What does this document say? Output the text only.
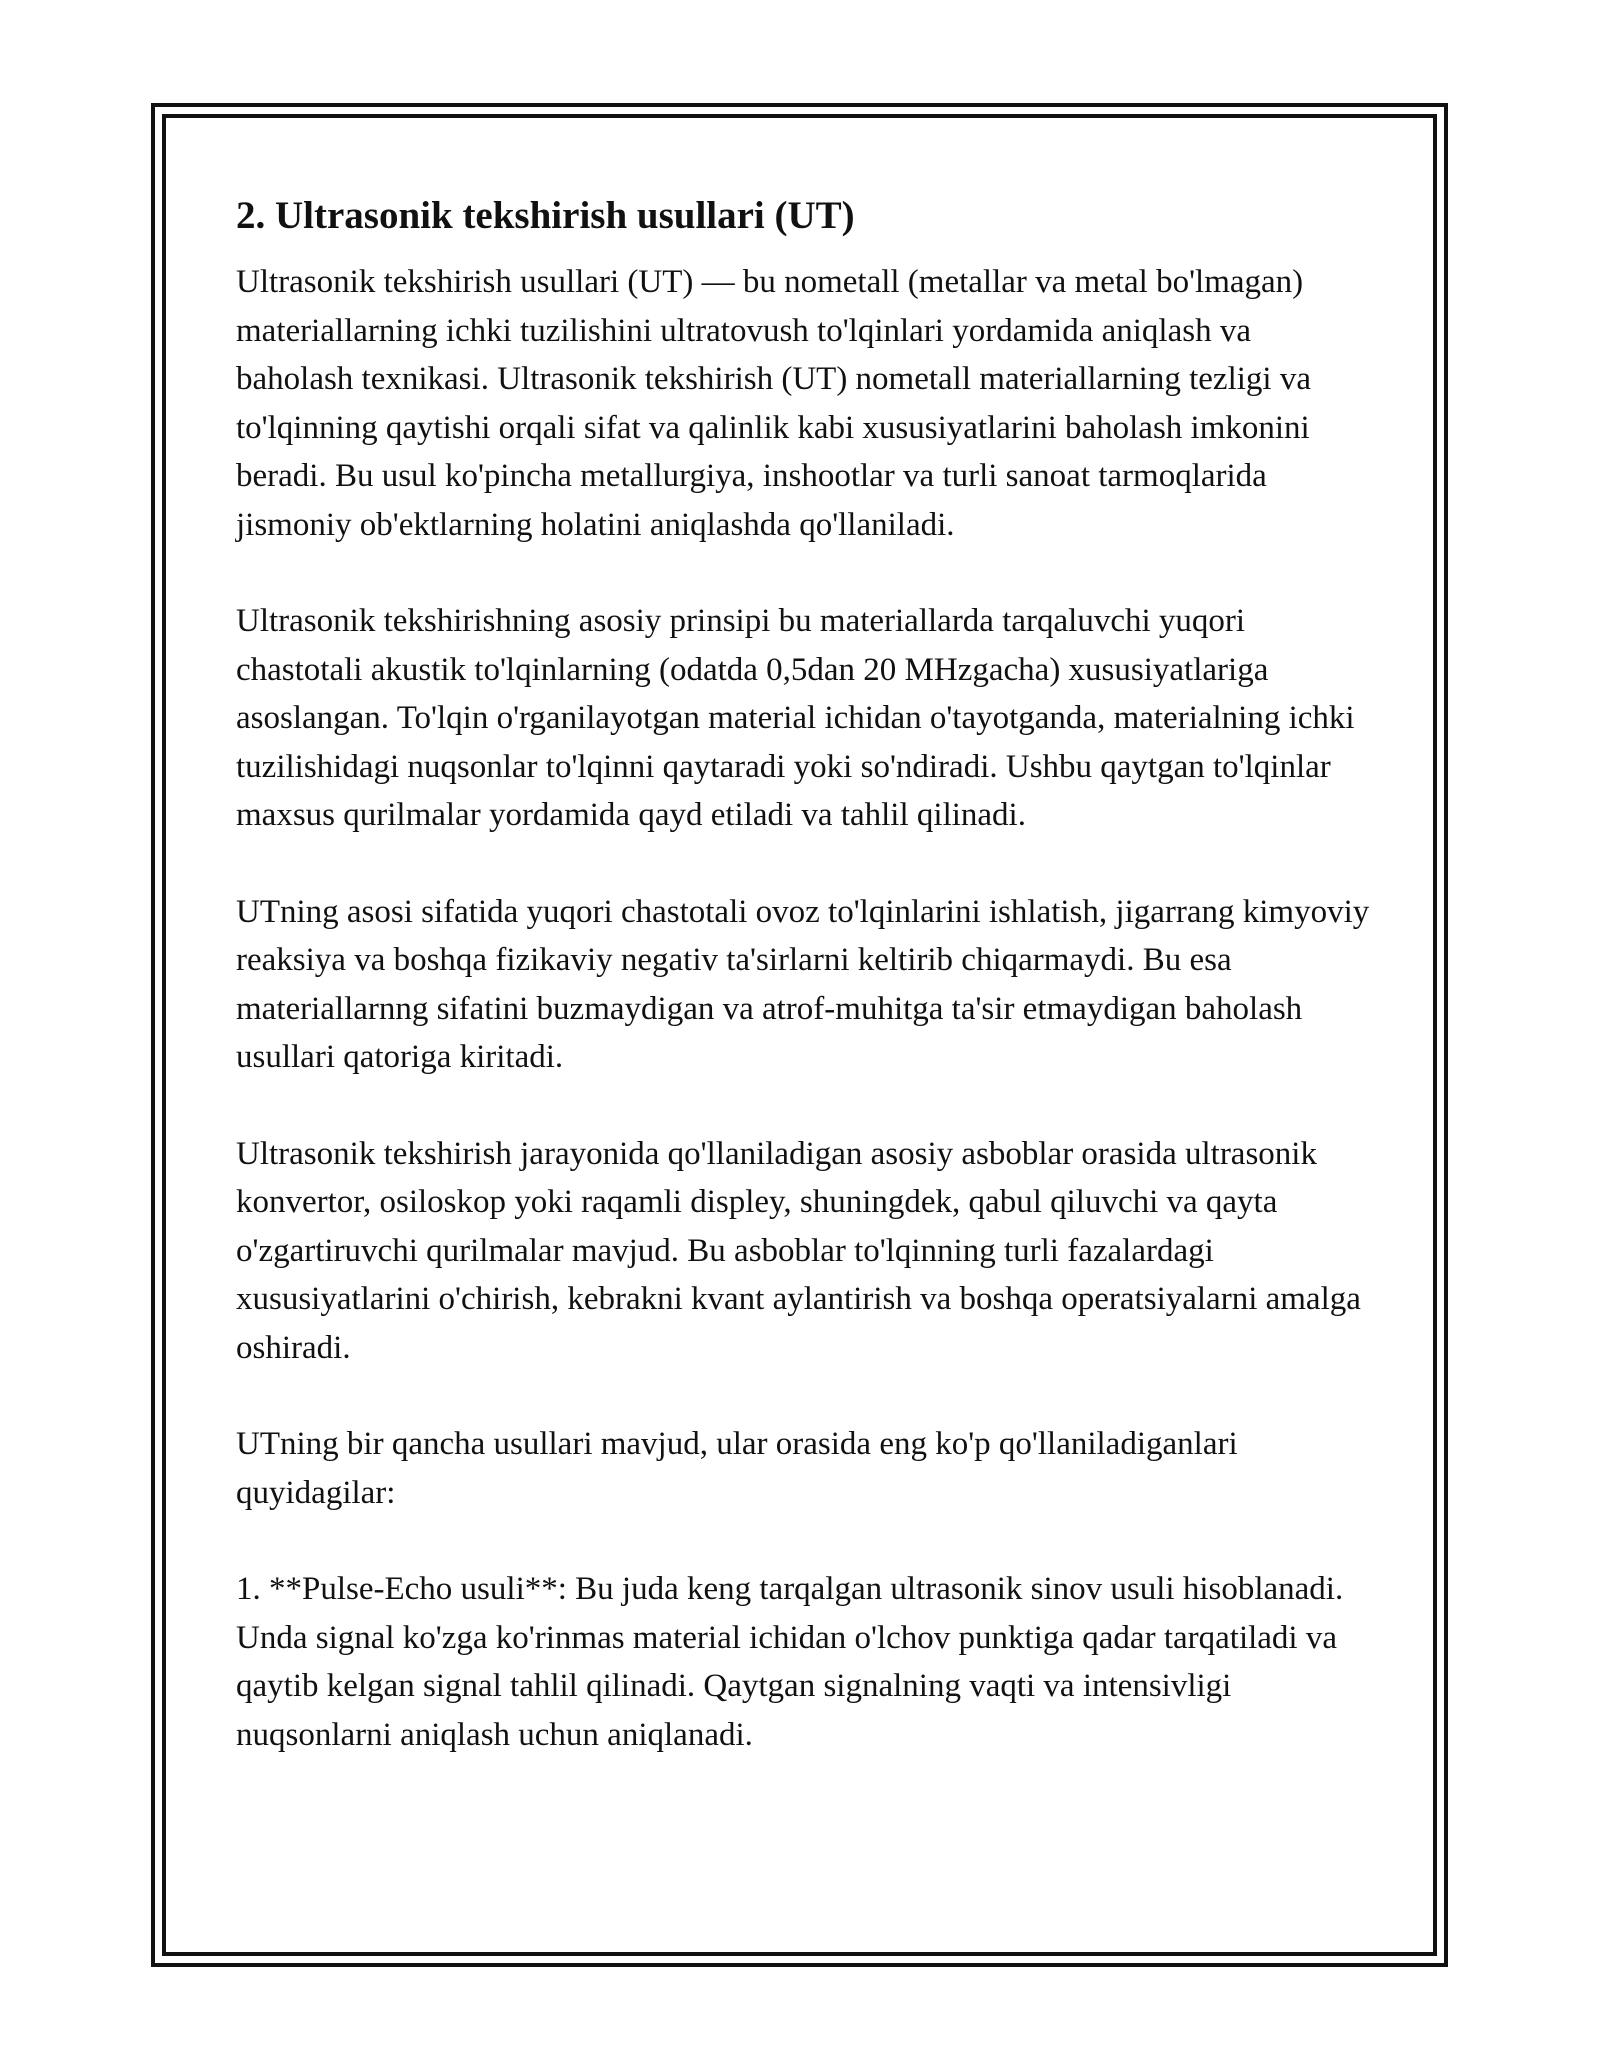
2. Ultrasonik tekshirish usullari (UT)

Ultrasonik tekshirish usullari (UT) — bu nometall (metallar va metal bo'lmagan) materiallarning ichki tuzilishini ultratovush to'lqinlari yordamida aniqlash va baholash texnikasi. Ultrasonik tekshirish (UT) nometall materiallarning tezligi va to'lqinning qaytishi orqali sifat va qalinlik kabi xususiyatlarini baholash imkonini beradi. Bu usul ko'pincha metallurgiya, inshootlar va turli sanoat tarmoqlarida jismoniy ob'ektlarning holatini aniqlashda qo'llaniladi.

Ultrasonik tekshirishning asosiy prinsipi bu materiallarda tarqaluvchi yuqori chastotali akustik to'lqinlarning (odatda 0,5dan 20 MHzgacha) xususiyatlariga asoslangan. To'lqin o'rganilayotgan material ichidan o'tayotganda, materialning ichki tuzilishidagi nuqsonlar to'lqinni qaytaradi yoki so'ndiradi. Ushbu qaytgan to'lqinlar maxsus qurilmalar yordamida qayd etiladi va tahlil qilinadi.

UTning asosi sifatida yuqori chastotali ovoz to'lqinlarini ishlatish, jigarrang kimyoviy reaksiya va boshqa fizikaviy negativ ta'sirlarni keltirib chiqarmaydi. Bu esa materiallarnng sifatini buzmaydigan va atrof-muhitga ta'sir etmaydigan baholash usullari qatoriga kiritadi.

Ultrasonik tekshirish jarayonida qo'llaniladigan asosiy asboblar orasida ultrasonik konvertor, osiloskop yoki raqamli displey, shuningdek, qabul qiluvchi va qayta o'zgartiruvchi qurilmalar mavjud. Bu asboblar to'lqinning turli fazalardagi xususiyatlarini o'chirish, kebrakni kvant aylantirish va boshqa operatsiyalarni amalga oshiradi.

UTning bir qancha usullari mavjud, ular orasida eng ko'p qo'llaniladiganlari quyidagilar:

1. **Pulse-Echo usuli**: Bu juda keng tarqalgan ultrasonik sinov usuli hisoblanadi. Unda signal ko'zga ko'rinmas material ichidan o'lchov punktiga qadar tarqatiladi va qaytib kelgan signal tahlil qilinadi. Qaytgan signalning vaqti va intensivligi nuqsonlarni aniqlash uchun aniqlanadi.
